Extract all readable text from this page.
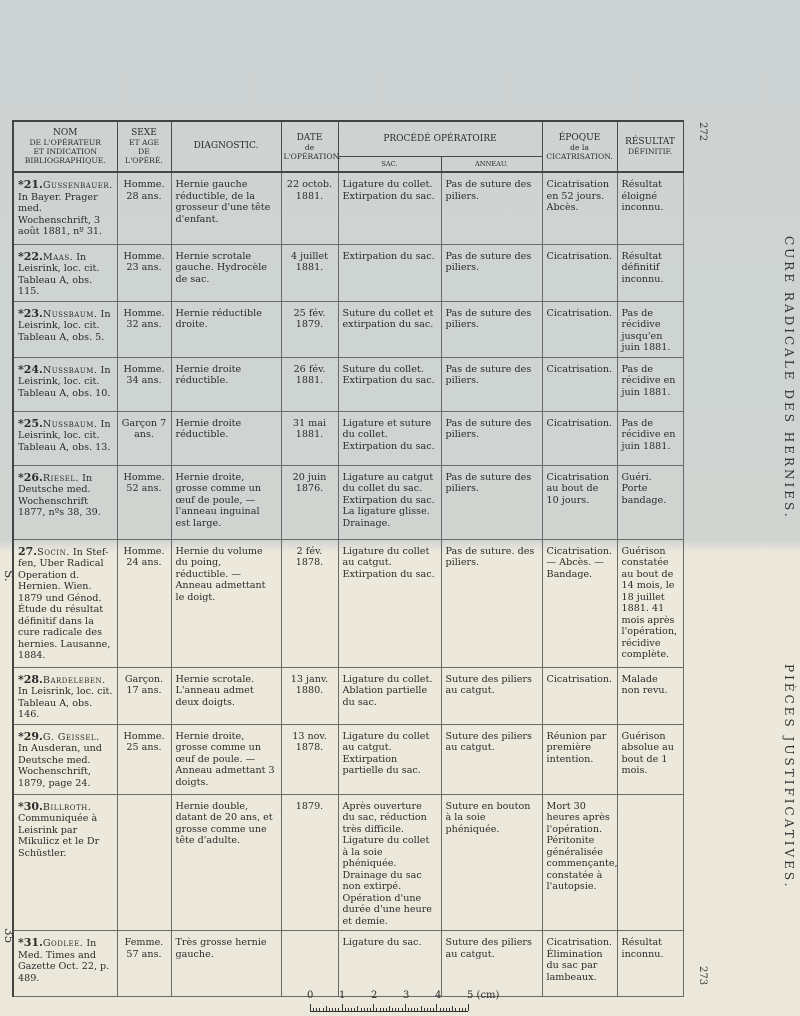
272
CURE RADICALE DES HERNIES.
PIÈCES JUSTIFICATIVES.
273
S.
35
NOM
DE L'OPÉRATEUR
ET INDICATION
BIBLIOGRAPHIQUE.	SEXE
ET AGE
DE L'OPÉRÉ.	DIAGNOSTIC.	DATE
de
L'OPÉRATION.	PROCÉDÉ OPÉRATOIRE		ÉPOQUE
de la
CICATRISATION.	RÉSULTAT
DÉFINITIF.
				SAC.	ANNEAU.		
*21.Gussenbauer. In Bayer. Prager med. Wochenschrift, 3 août 1881, nº 31.	Homme. 28 ans.	Hernie gauche réductible, de la grosseur d'une tête d'enfant.	22 octob. 1881.	Ligature du collet. Extirpation du sac.	Pas de suture des piliers.	Cicatrisation en 52 jours. Abcès.	Résultat éloigné inconnu.
*22.Maas. In Leisrink, loc. cit. Tableau A, obs. 115.	Homme. 23 ans.	Hernie scrotale gauche. Hydrocèle de sac.	4 juillet 1881.	Extirpation du sac.	Pas de suture des piliers.	Cicatrisation.	Résultat définitif inconnu.
*23.Nussbaum. In Leisrink, loc. cit. Tableau A, obs. 5.	Homme. 32 ans.	Hernie réductible droite.	25 fév. 1879.	Suture du collet et extirpation du sac.	Pas de suture des piliers.	Cicatrisation.	Pas de récidive jusqu'en juin 1881.
*24.Nussbaum. In Leisrink, loc. cit. Tableau A, obs. 10.	Homme. 34 ans.	Hernie droite réductible.	26 fév. 1881.	Suture du collet. Extirpation du sac.	Pas de suture des piliers.	Cicatrisation.	Pas de récidive en juin 1881.
*25.Nussbaum. In Leisrink, loc. cit. Tableau A, obs. 13.	Garçon 7 ans.	Hernie droite réductible.	31 mai 1881.	Ligature et suture du collet. Extirpation du sac.	Pas de suture des piliers.	Cicatrisation.	Pas de récidive en juin 1881.
*26.Riesel. In Deutsche med. Wochenschrift 1877, nºs 38, 39.	Homme. 52 ans.	Hernie droite, grosse comme un œuf de poule, — l'anneau inguinal est large.	20 juin 1876.	Ligature au catgut du collet du sac. Extirpation du sac. La ligature glisse. Drainage.	Pas de suture des piliers.	Cicatrisation au bout de 10 jours.	Guéri. Porte bandage.
27.Socin. In Stef-fen, Uber Radical Operation d. Hernien. Wien. 1879 und Génod. Étude du résultat définitif dans la cure radicale des hernies. Lausanne, 1884.	Homme. 24 ans.	Hernie du volume du poing, réductible. — Anneau admettant le doigt.	2 fév. 1878.	Ligature du collet au catgut. Extirpation du sac.	Pas de suture. des piliers.	Cicatrisation. — Abcès. — Bandage.	Guérison constatée au bout de 14 mois, le 18 juillet 1881. 41 mois après l'opération, récidive complète.
*28.Bardeleben. In Leisrink, loc. cit. Tableau A, obs. 146.	Garçon. 17 ans.	Hernie scrotale. L'anneau admet deux doigts.	13 janv. 1880.	Ligature du collet. Ablation partielle du sac.	Suture des piliers au catgut.	Cicatrisation.	Malade non revu.
*29.G. Geissel. In Ausderan, und Deutsche med. Wochenschrift, 1879, page 24.	Homme. 25 ans.	Hernie droite, grosse comme un œuf de poule. — Anneau admettant 3 doigts.	13 nov. 1878.	Ligature du collet au catgut. Extirpation partielle du sac.	Suture des piliers au catgut.	Réunion par première intention.	Guérison absolue au bout de 1 mois.
*30.Billroth. Communiquée à Leisrink par Mikulicz et le Dr Schüstler.		Hernie double, datant de 20 ans, et grosse comme une tête d'adulte.	1879.	Après ouverture du sac, réduction très difficile. Ligature du collet à la soie phéniquée. Drainage du sac non extirpé. Opération d'une durée d'une heure et demie.	Suture en bouton à la soie phéniquée.	Mort 30 heures après l'opération. Péritonite généralisée commençante, constatée à l'autopsie.	
*31.Godlee. In Med. Times and Gazette Oct. 22, p. 489.	Femme. 57 ans.	Très grosse hernie gauche.		Ligature du sac.	Suture des piliers au catgut.	Cicatrisation. Élimination du sac par lambeaux.	Résultat inconnu.
0	1	2	3	4	5 (cm)
